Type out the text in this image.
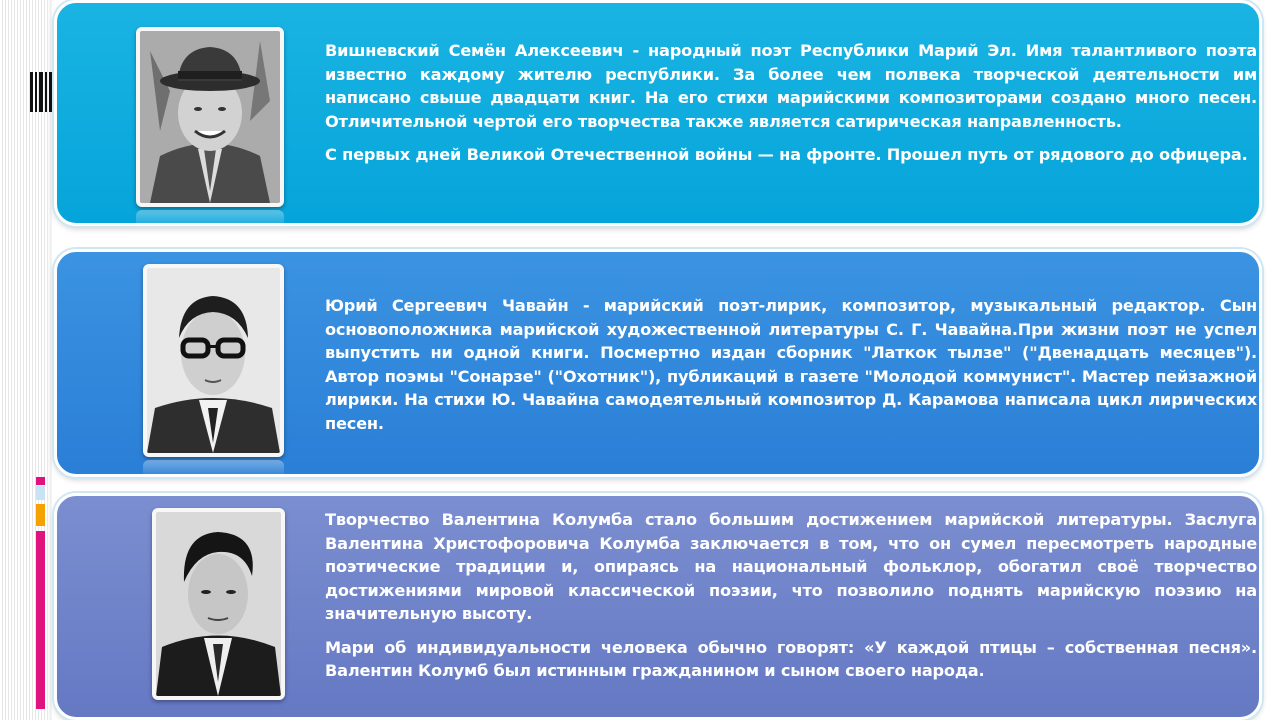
Вишневский Семён Алексеевич - народный поэт Республики Марий Эл. Имя талантливого поэта известно каждому жителю республики. За более чем полвека творческой деятельности им написано свыше двадцати книг. На его стихи марийскими композиторами создано много песен. Отличительной чертой его творчества также является сатирическая направленность.

С первых дней Великой Отечественной войны — на фронте. Прошел путь от рядового до офицера.

Юрий Сергеевич Чавайн - марийский поэт-лирик, композитор, музыкальный редактор. Сын основоположника марийской художественной литературы С. Г. Чавайна.При жизни поэт не успел выпустить ни одной книги. Посмертно издан сборник "Латкок тылзе" ("Двенадцать месяцев"). Автор поэмы "Сонарзе" ("Охотник"), публикаций в газете "Молодой коммунист". Мастер пейзажной лирики. На стихи Ю. Чавайна самодеятельный композитор Д. Карамова написала цикл лирических песен.

Творчество Валентина Колумба стало большим достижением марийской литературы. Заслуга Валентина Христофоровича Колумба заключается в том, что он сумел пересмотреть народные поэтические традиции и, опираясь на национальный фольклор, обогатил своё творчество достижениями мировой классической поэзии, что позволило поднять марийскую поэзию на значительную высоту.

Мари об индивидуальности человека обычно говорят: «У каждой птицы – собственная песня». Валентин Колумб был истинным гражданином и сыном своего народа.
